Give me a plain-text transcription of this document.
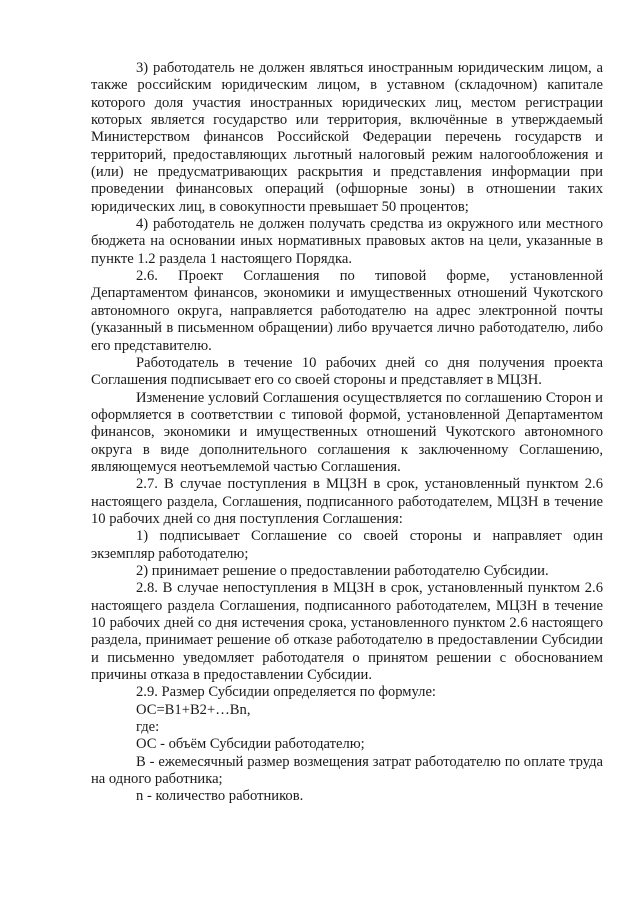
3) работодатель не должен являться иностранным юридическим лицом, а также российским юридическим лицом, в уставном (складочном) капитале которого доля участия иностранных юридических лиц, местом регистрации которых является государство или территория, включённые в утверждаемый Министерством финансов Российской Федерации перечень государств и территорий, предоставляющих льготный налоговый режим налогообложения и (или) не предусматривающих раскрытия и представления информации при проведении финансовых операций (офшорные зоны) в отношении таких юридических лиц, в совокупности превышает 50 процентов;

4) работодатель не должен получать средства из окружного или местного бюджета на основании иных нормативных правовых актов на цели, указанные в пункте 1.2 раздела 1 настоящего Порядка.

2.6. Проект Соглашения по типовой форме, установленной Департаментом финансов, экономики и имущественных отношений Чукотского автономного округа, направляется работодателю на адрес электронной почты (указанный в письменном обращении) либо вручается лично работодателю, либо его представителю.

Работодатель в течение 10 рабочих дней со дня получения проекта Соглашения подписывает его со своей стороны и представляет в МЦЗН.

Изменение условий Соглашения осуществляется по соглашению Сторон и оформляется в соответствии с типовой формой, установленной Департаментом финансов, экономики и имущественных отношений Чукотского автономного округа в виде дополнительного соглашения к заключенному Соглашению, являющемуся неотъемлемой частью Соглашения.

2.7. В случае поступления в МЦЗН в срок, установленный пунктом 2.6 настоящего раздела, Соглашения, подписанного работодателем, МЦЗН в течение 10 рабочих дней со дня поступления Соглашения:

1) подписывает Соглашение со своей стороны и направляет один экземпляр работодателю;

2) принимает решение о предоставлении работодателю Субсидии.

2.8. В случае непоступления в МЦЗН в срок, установленный пунктом 2.6 настоящего раздела Соглашения, подписанного работодателем, МЦЗН в течение 10 рабочих дней со дня истечения срока, установленного пунктом 2.6 настоящего раздела, принимает решение об отказе работодателю в предоставлении Субсидии и письменно уведомляет работодателя о принятом решении с обоснованием причины отказа в предоставлении Субсидии.

2.9. Размер Субсидии определяется по формуле:

ОС=В1+В2+…Вn,

где:

ОС - объём Субсидии работодателю;

В - ежемесячный размер возмещения затрат работодателю по оплате труда на одного работника;

n - количество работников.
